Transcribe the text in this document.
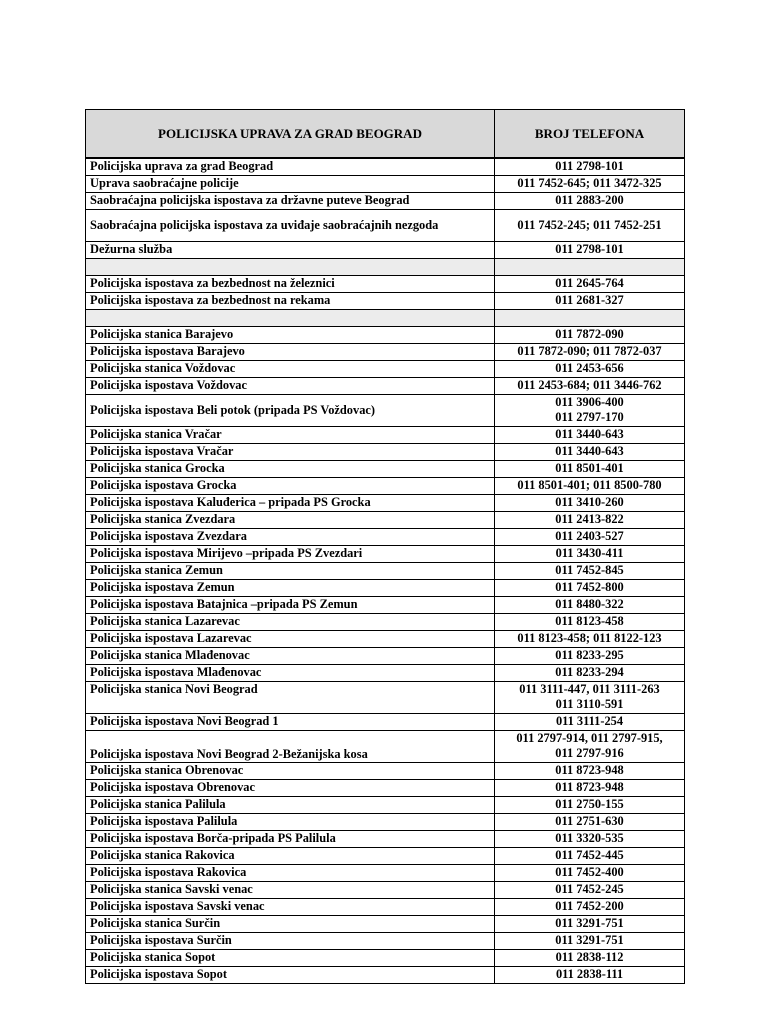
POLICIJSKA UPRAVA ZA GRAD BEOGRAD	BROJ TELEFONA
Policijska uprava za grad Beograd	011 2798-101
Uprava saobraćajne policije	011 7452-645; 011 3472-325
Saobraćajna policijska ispostava za državne puteve Beograd	011 2883-200
Saobraćajna policijska ispostava za uviđaje saobraćajnih nezgoda	011 7452-245; 011 7452-251
Dežurna služba	011 2798-101

Policijska ispostava za bezbednost na železnici	011 2645-764
Policijska ispostava za bezbednost na rekama	011 2681-327

Policijska stanica Barajevo	011 7872-090
Policijska ispostava Barajevo	011 7872-090; 011 7872-037
Policijska stanica Voždovac	011 2453-656
Policijska ispostava Voždovac	011 2453-684; 011 3446-762
Policijska ispostava Beli potok (pripada PS Voždovac)	011 3906-400
011 2797-170
Policijska stanica Vračar	011 3440-643
Policijska ispostava Vračar	011 3440-643
Policijska stanica Grocka	011 8501-401
Policijska ispostava Grocka	011 8501-401; 011 8500-780
Policijska ispostava Kaluđerica – pripada PS Grocka	011 3410-260
Policijska stanica Zvezdara	011 2413-822
Policijska ispostava Zvezdara	011 2403-527
Policijska ispostava Mirijevo –pripada PS Zvezdari	011 3430-411
Policijska stanica Zemun	011 7452-845
Policijska ispostava Zemun	011 7452-800
Policijska ispostava Batajnica –pripada PS Zemun	011 8480-322
Policijska stanica Lazarevac	011 8123-458
Policijska ispostava Lazarevac	011 8123-458; 011 8122-123
Policijska stanica Mlađenovac	011 8233-295
Policijska ispostava Mlađenovac	011 8233-294
Policijska stanica Novi Beograd	011 3111-447, 011 3111-263
011 3110-591
Policijska ispostava Novi Beograd 1	011 3111-254
Policijska ispostava Novi Beograd 2-Bežanijska kosa	011 2797-914, 011 2797-915,
011 2797-916
Policijska stanica Obrenovac	011 8723-948
Policijska ispostava Obrenovac	011 8723-948
Policijska stanica Palilula	011 2750-155
Policijska ispostava Palilula	011 2751-630
Policijska ispostava Borča-pripada PS Palilula	011 3320-535
Policijska stanica Rakovica	011 7452-445
Policijska ispostava Rakovica	011 7452-400
Policijska stanica Savski venac	011 7452-245
Policijska ispostava Savski venac	011 7452-200
Policijska stanica Surčin	011 3291-751
Policijska ispostava Surčin	011 3291-751
Policijska stanica Sopot	011 2838-112
Policijska ispostava Sopot	011 2838-111
